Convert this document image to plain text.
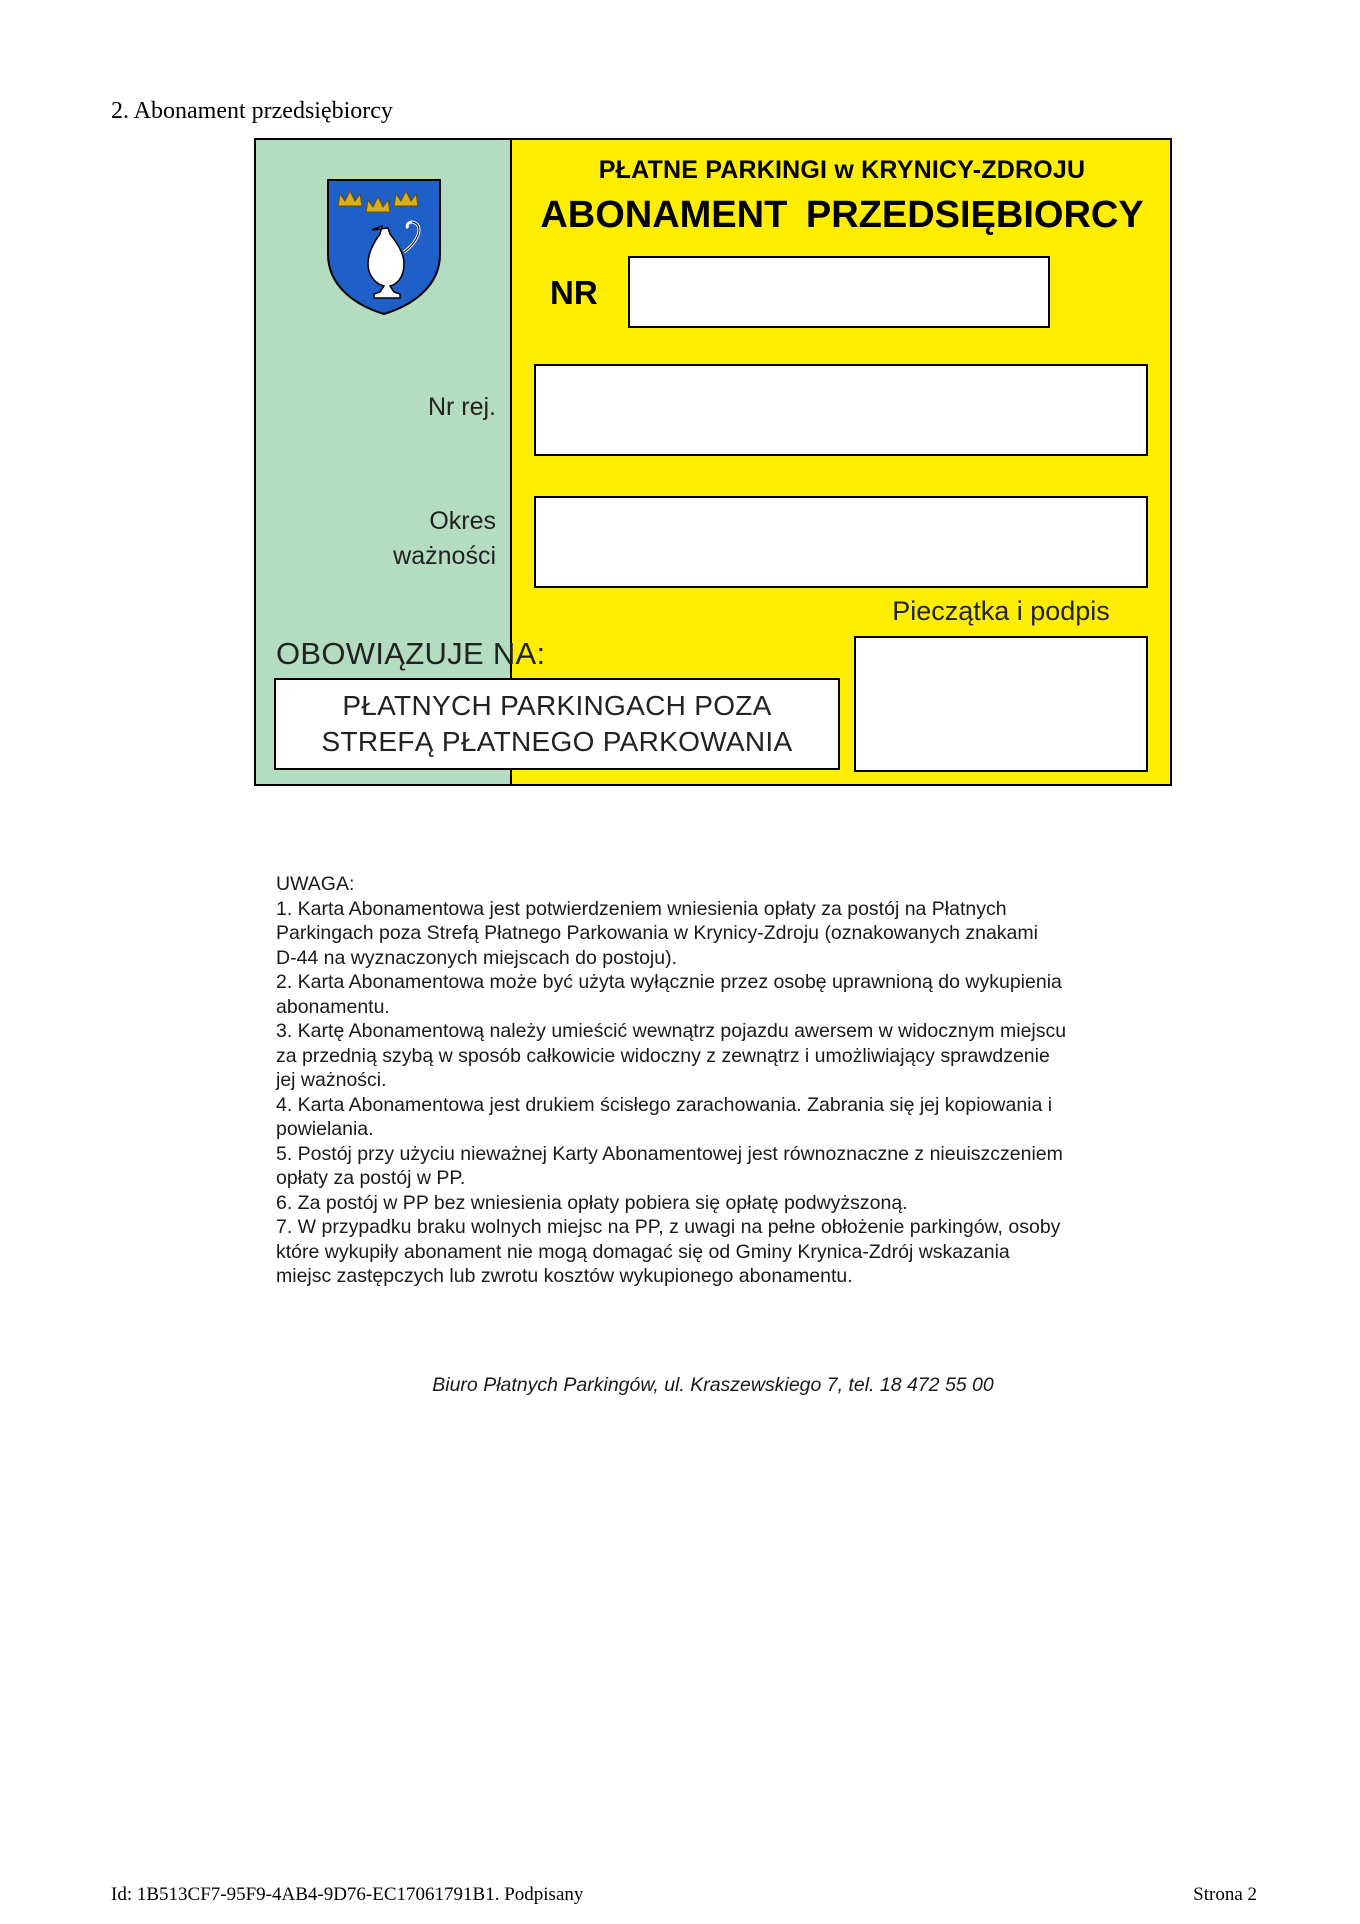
2. Abonament przedsiębiorcy
Nr rej.
Okres
ważności
PŁATNE PARKINGI w KRYNICY-ZDROJU
ABONAMENT PRZEDSIĘBIORCY
NR
Pieczątka i podpis
OBOWIĄZUJE NA:
PŁATNYCH PARKINGACH POZA
STREFĄ PŁATNEGO PARKOWANIA
UWAGA:
1. Karta Abonamentowa jest potwierdzeniem wniesienia opłaty za postój na Płatnych
Parkingach poza Strefą Płatnego Parkowania w Krynicy-Zdroju (oznakowanych znakami
D-44 na wyznaczonych miejscach do postoju).
2. Karta Abonamentowa może być użyta wyłącznie przez osobę uprawnioną do wykupienia
abonamentu.
3. Kartę Abonamentową należy umieścić wewnątrz pojazdu awersem w widocznym miejscu
za przednią szybą w sposób całkowicie widoczny z zewnątrz i umożliwiający sprawdzenie
jej ważności.
4. Karta Abonamentowa jest drukiem ścisłego zarachowania. Zabrania się jej kopiowania i
powielania.
5. Postój przy użyciu nieważnej Karty Abonamentowej jest równoznaczne z nieuiszczeniem
opłaty za postój w PP.
6. Za postój w PP bez wniesienia opłaty pobiera się opłatę podwyższoną.
7. W przypadku braku wolnych miejsc na PP, z uwagi na pełne obłożenie parkingów, osoby
które wykupiły abonament nie mogą domagać się od Gminy Krynica-Zdrój wskazania
miejsc zastępczych lub zwrotu kosztów wykupionego abonamentu.
Biuro Płatnych Parkingów, ul. Kraszewskiego 7, tel. 18 472 55 00
Id: 1B513CF7-95F9-4AB4-9D76-EC17061791B1. Podpisany	Strona 2
